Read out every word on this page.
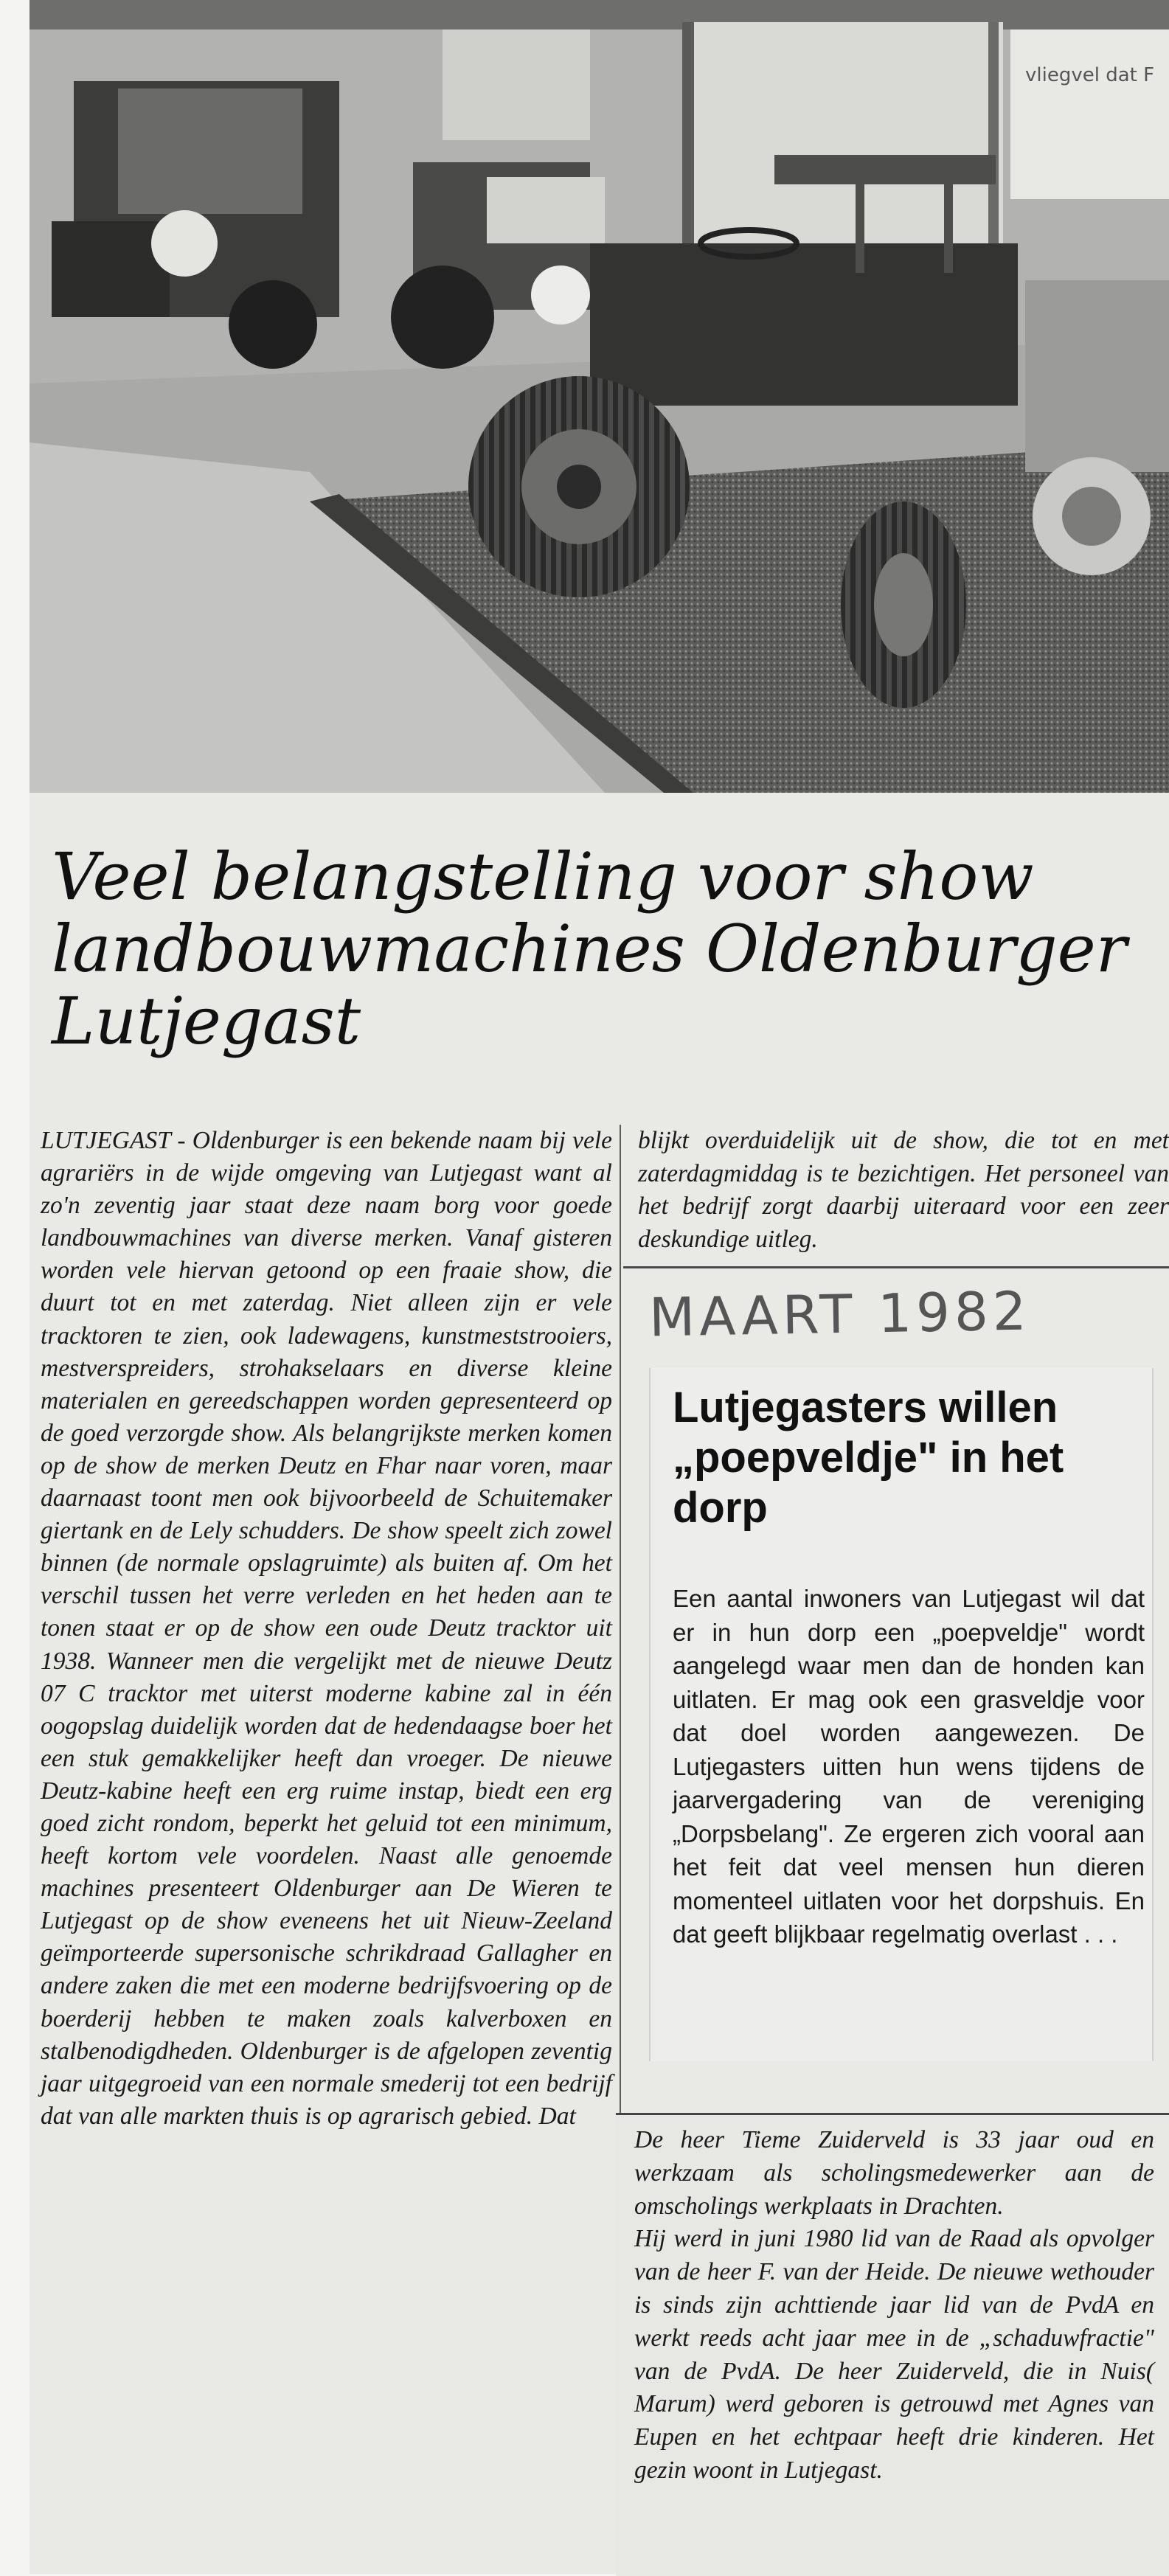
vliegvel dat F
Veel belangstelling voor show landbouwmachines Oldenburger Lutjegast

LUTJEGAST - Oldenburger is een bekende naam bij vele agrariërs in de wijde omgeving van Lutjegast want al zo'n zeventig jaar staat deze naam borg voor goede landbouwmachines van diverse merken. Vanaf gisteren worden vele hiervan getoond op een fraaie show, die duurt tot en met zaterdag. Niet alleen zijn er vele tracktoren te zien, ook ladewagens, kunstmeststrooiers, mestverspreiders, strohakselaars en diverse kleine materialen en gereedschappen worden gepresenteerd op de goed verzorgde show. Als belangrijkste merken komen op de show de merken Deutz en Fhar naar voren, maar daarnaast toont men ook bijvoorbeeld de Schuitemaker giertank en de Lely schudders. De show speelt zich zowel binnen (de normale opslagruimte) als buiten af. Om het verschil tussen het verre verleden en het heden aan te tonen staat er op de show een oude Deutz tracktor uit 1938. Wanneer men die vergelijkt met de nieuwe Deutz 07 C tracktor met uiterst moderne kabine zal in één oogopslag duidelijk worden dat de hedendaagse boer het een stuk gemakkelijker heeft dan vroeger. De nieuwe Deutz-kabine heeft een erg ruime instap, biedt een erg goed zicht rondom, beperkt het geluid tot een minimum, heeft kortom vele voordelen. Naast alle genoemde machines presenteert Oldenburger aan De Wieren te Lutjegast op de show eveneens het uit Nieuw-Zeeland geïmporteerde supersonische schrikdraad Gallagher en andere zaken die met een moderne bedrijfsvoering op de boerderij hebben te maken zoals kalverboxen en stalbenodigdheden. Oldenburger is de afgelopen zeventig jaar uitgegroeid van een normale smederij tot een bedrijf dat van alle markten thuis is op agrarisch gebied. Dat

blijkt overduidelijk uit de show, die tot en met zaterdagmiddag is te bezichtigen. Het personeel van het bedrijf zorgt daarbij uiteraard voor een zeer deskundige uitleg.

MAART 1982
Lutjegasters willen „poepveldje" in het dorp

Een aantal inwoners van Lutjegast wil dat er in hun dorp een „poepveldje" wordt aangelegd waar men dan de honden kan uitlaten. Er mag ook een grasveldje voor dat doel worden aangewezen. De Lutjegasters uitten hun wens tijdens de jaarvergadering van de vereniging „Dorpsbelang". Ze ergeren zich vooral aan het feit dat veel mensen hun dieren momenteel uitlaten voor het dorpshuis. En dat geeft blijkbaar regelmatig overlast . . .

De heer Tieme Zuiderveld is 33 jaar oud en werkzaam als scholingsmedewerker aan de omscholings werkplaats in Drachten.

Hij werd in juni 1980 lid van de Raad als opvolger van de heer F. van der Heide. De nieuwe wethouder is sinds zijn achttiende jaar lid van de PvdA en werkt reeds acht jaar mee in de „schaduwfractie" van de PvdA. De heer Zuiderveld, die in Nuis( Marum) werd geboren is getrouwd met Agnes van Eupen en het echtpaar heeft drie kinderen. Het gezin woont in Lutjegast.
